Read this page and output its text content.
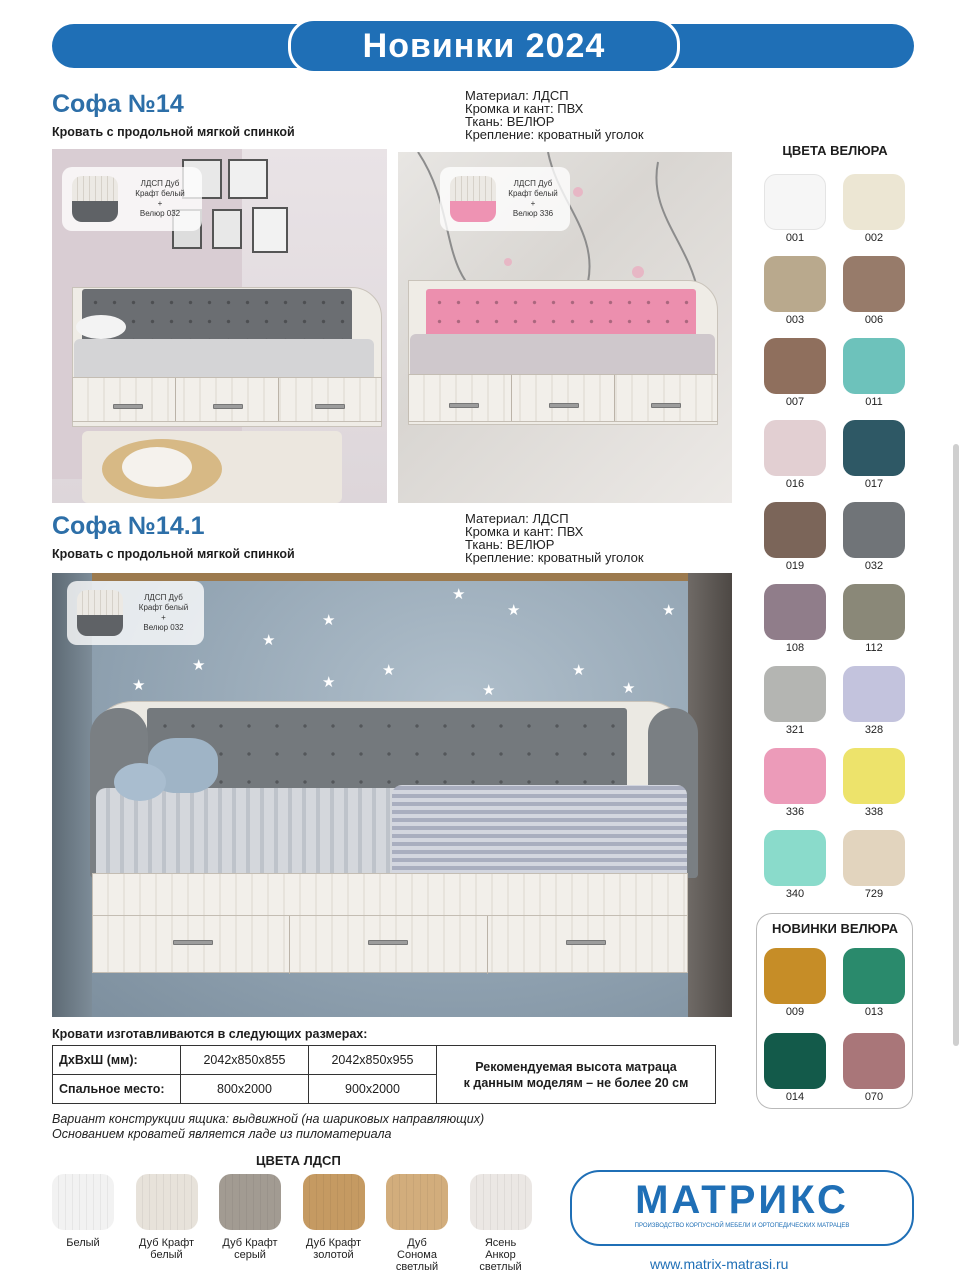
Новинки 2024
Софа №14
Кровать с продольной мягкой спинкой
Материал: ЛДСП
Кромка и кант: ПВХ
Ткань: ВЕЛЮР
Крепление: кроватный уголок
ЛДСП Дуб
Крафт белый
+
Велюр 032
ЛДСП Дуб
Крафт белый
+
Велюр 336
Софа №14.1
Кровать с продольной мягкой спинкой
Материал: ЛДСП
Кромка и кант: ПВХ
Ткань: ВЕЛЮР
Крепление: кроватный уголок
★
★
★	★
★
★	★
★
★
★	★
★
ЛДСП Дуб
Крафт белый
+
Велюр 032
Кровати изготавливаются в следующих размерах:
ДхВхШ (мм):	2042х850х855	2042х850х955	Рекомендуемая высота матраца
к данным моделям – не более 20 см

Спальное место:	800х2000	900х2000	
Вариант конструкции ящика: выдвижной (на шариковых направляющих)
Основанием кроватей является ладе из пиломатериала
ЦВЕТА ВЕЛЮРА
001	002
003	006
007	011
016	017
019	032
108	112
321	328
336	338
340	729
НОВИНКИ ВЕЛЮРА
009	013
014	070
ЦВЕТА ЛДСП
Белый	Дуб Крафт
белый
Дуб Крафт
серый
Дуб Крафт
золотой
Дуб
Сонома
светлый
Ясень
Анкор
светлый
МАТРИКС
ПРОИЗВОДСТВО КОРПУСНОЙ МЕБЕЛИ И ОРТОПЕДИЧЕСКИХ МАТРАЦЕВ
www.matrix-matrasi.ru
